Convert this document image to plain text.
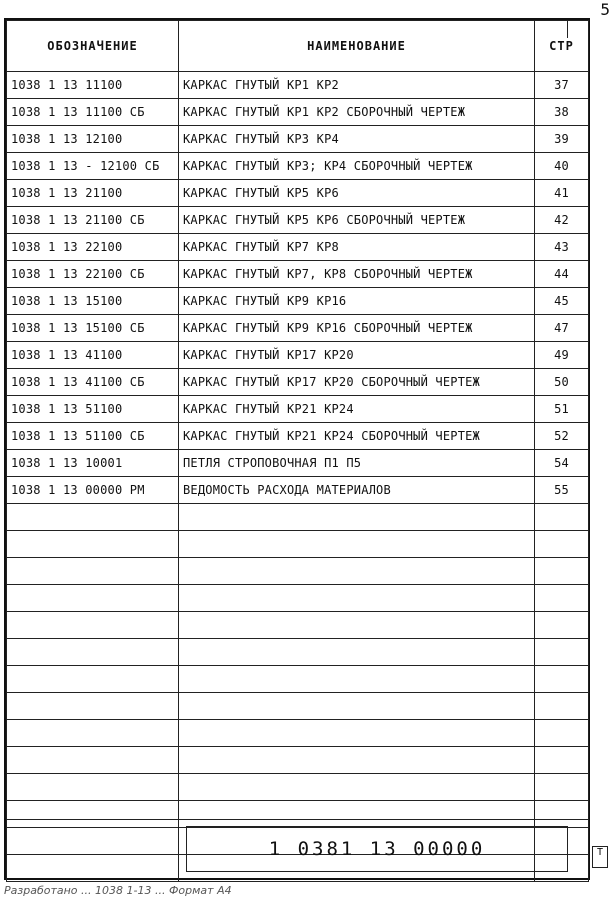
ОБОЗНАЧЕНИЕ	НАИМЕНОВАНИЕ	СТР
1038 1 13 11100	КАРКАС ГНУТЫЙ КР1 КР2	37
1038 1 13 11100 СБ	КАРКАС ГНУТЫЙ КР1 КР2 СБОРОЧНЫЙ ЧЕРТЕЖ	38
1038 1 13 12100	КАРКАС ГНУТЫЙ КР3 КР4	39
1038 1 13 - 12100 СБ	КАРКАС ГНУТЫЙ КР3; КР4 СБОРОЧНЫЙ ЧЕРТЕЖ	40
1038 1 13 21100	КАРКАС ГНУТЫЙ КР5 КР6	41
1038 1 13 21100 СБ	КАРКАС ГНУТЫЙ КР5 КР6 СБОРОЧНЫЙ ЧЕРТЕЖ	42
1038 1 13 22100	КАРКАС ГНУТЫЙ КР7 КР8	43
1038 1 13 22100 СБ	КАРКАС ГНУТЫЙ КР7, КР8 СБОРОЧНЫЙ ЧЕРТЕЖ	44
1038 1 13 15100	КАРКАС ГНУТЫЙ КР9 КР16	45
1038 1 13 15100 СБ	КАРКАС ГНУТЫЙ КР9 КР16 СБОРОЧНЫЙ ЧЕРТЕЖ	47
1038 1 13 41100	КАРКАС ГНУТЫЙ КР17 КР20	49
1038 1 13 41100 СБ	КАРКАС ГНУТЫЙ КР17 КР20 СБОРОЧНЫЙ ЧЕРТЕЖ	50
1038 1 13 51100	КАРКАС ГНУТЫЙ КР21 КР24	51
1038 1 13 51100 СБ	КАРКАС ГНУТЫЙ КР21 КР24 СБОРОЧНЫЙ ЧЕРТЕЖ	52
1038 1 13 10001	ПЕТЛЯ СТРОПОВОЧНАЯ П1 П5	54
1038 1 13 00000 РМ	ВЕДОМОСТЬ РАСХОДА МАТЕРИАЛОВ	55

1 0381 13 00000
5
Т
Разработано ... 1038 1-13 ... Формат А4
